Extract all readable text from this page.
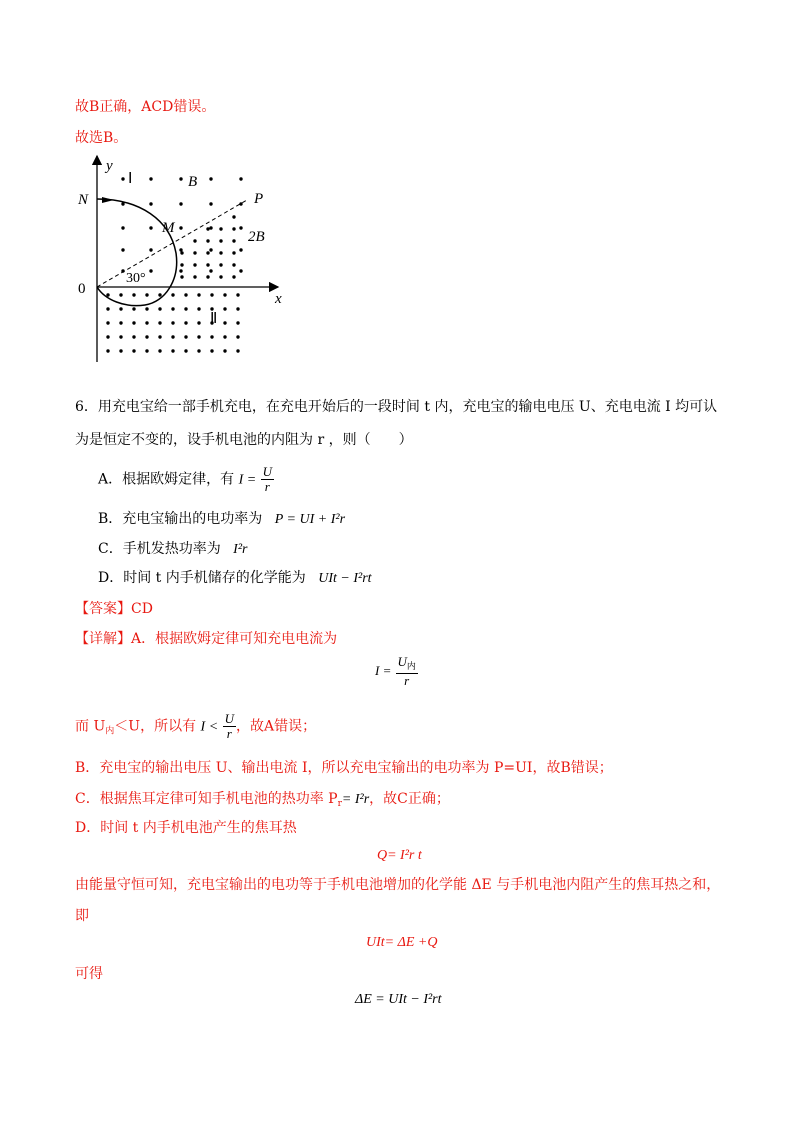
故B正确，ACD错误。
故选B。
y
x
0
N	P
M
B
2B
Ⅰ
Ⅱ
30°
6．用充电宝给一部手机充电，在充电开始后的一段时间 t 内，充电宝的输电电压 U、充电电流 I 均可认
为是恒定不变的，设手机电池的内阻为 r ，则（　　）
A．根据欧姆定律，有 $I = \frac{U}{r}$
B．充电宝输出的电功率为 P = UI + I²r
C．手机发热功率为 I²r
D．时间 t 内手机储存的化学能为 UIt − I²rt
【答案】CD
【详解】A．根据欧姆定律可知充电电流为
$I = \frac{U_内}{r}$
而 $U_内<U$，所以有 $I < \frac{U}{r}$ ，故A错误；
B．充电宝的输出电压 U、输出电流 I，所以充电宝输出的电功率为 P=UI，故B错误；
C．根据焦耳定律可知手机电池的热功率 $P_r= I^2r$，故C正确；
D．时间 t 内手机电池产生的焦耳热
Q= I²r t
由能量守恒可知，充电宝输出的电功等于手机电池增加的化学能 ΔE 与手机电池内阻产生的焦耳热之和，
即
UIt= ΔE +Q
可得
ΔE = UIt − I²rt
